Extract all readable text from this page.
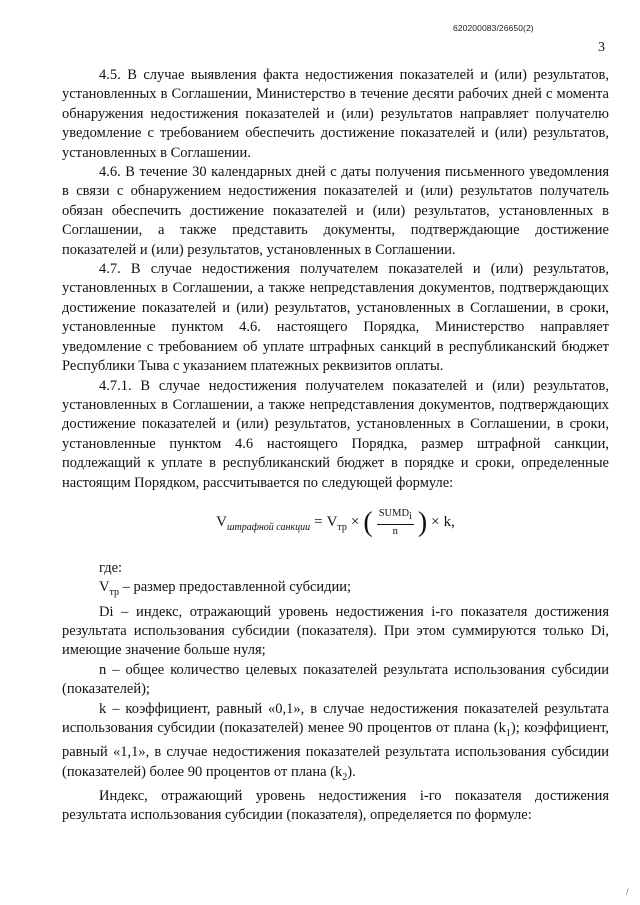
620200083/26650(2)
3

4.5. В случае выявления факта недостижения показателей и (или) результатов, установленных в Соглашении, Министерство в течение десяти рабочих дней с момента обнаружения недостижения показателей и (или) результатов направляет получателю уведомление с требованием обеспечить достижение показателей и (или) результатов, установленных в Соглашении.

4.6. В течение 30 календарных дней с даты получения письменного уведомления в связи с обнаружением недостижения показателей и (или) результатов получатель обязан обеспечить достижение показателей и (или) результатов, установленных в Соглашении, а также представить документы, подтверждающие достижение показателей и (или) результатов, установленных в Соглашении.

4.7. В случае недостижения получателем показателей и (или) результатов, установленных в Соглашении, а также непредставления документов, подтверждающих достижение показателей и (или) результатов, установленных в Соглашении, в сроки, установленные пунктом 4.6. настоящего Порядка, Министерство направляет уведомление с требованием об уплате штрафных санкций в республиканский бюджет Республики Тыва с указанием платежных реквизитов оплаты.

4.7.1. В случае недостижения получателем показателей и (или) результатов, установленных в Соглашении, а также непредставления документов, подтверждающих достижение показателей и (или) результатов, установленных в Соглашении, в сроки, установленные пунктом 4.6 настоящего Порядка, размер штрафной санкции, подлежащий к уплате в республиканский бюджет в порядке и сроки, определенные настоящим Порядком, рассчитывается по следующей формуле:

$V_{штрафной санкции} = V_{тр}$ × ( $\frac{SUMD_i}{n}$ ) × k,

где:

$V_{тр}$ – размер предоставленной субсидии;

Di – индекс, отражающий уровень недостижения i-го показателя достижения результата использования субсидии (показателя). При этом суммируются только Di, имеющие значение больше нуля;

n – общее количество целевых показателей результата использования субсидии (показателей);

k – коэффициент, равный «0,1», в случае недостижения показателей результата использования субсидии (показателей) менее 90 процентов от плана $(k_1)$; коэффициент, равный «1,1», в случае недостижения показателей результата использования субсидии (показателей) более 90 процентов от плана $(k_2)$.

Индекс, отражающий уровень недостижения i-го показателя достижения результата использования субсидии (показателя), определяется по формуле:

/
